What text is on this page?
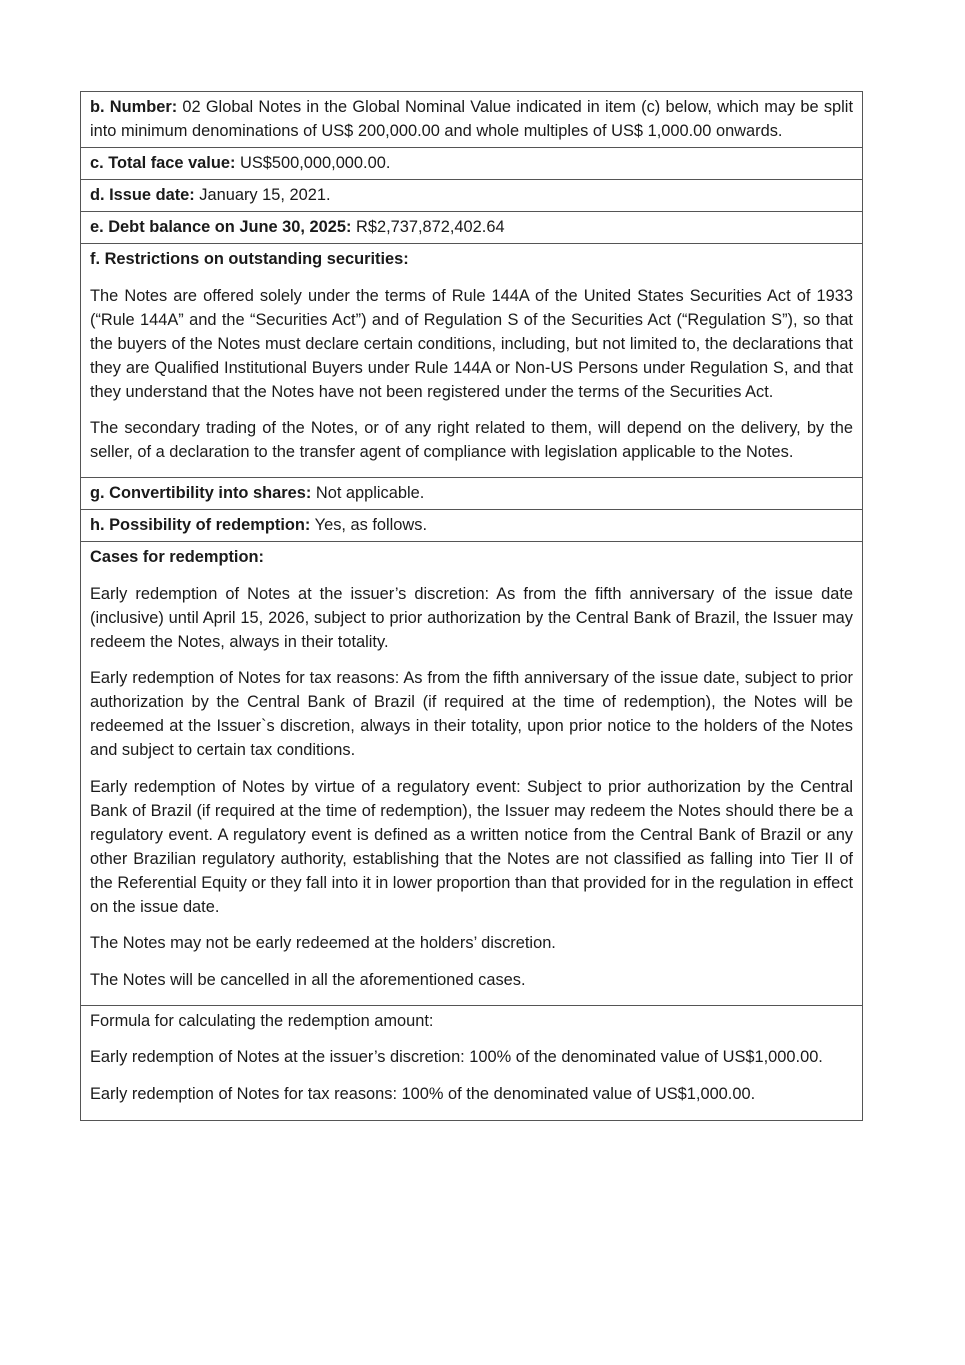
b. Number: 02 Global Notes in the Global Nominal Value indicated in item (c) below, which may be split into minimum denominations of US$ 200,000.00 and whole multiples of US$ 1,000.00 onwards.

c. Total face value: US$500,000,000.00.

d. Issue date: January 15, 2021.

e. Debt balance on June 30, 2025: R$2,737,872,402.64

f. Restrictions on outstanding securities:

The Notes are offered solely under the terms of Rule 144A of the United States Securities Act of 1933 (“Rule 144A” and the “Securities Act”) and of Regulation S of the Securities Act (“Regulation S”), so that the buyers of the Notes must declare certain conditions, including, but not limited to, the declarations that they are Qualified Institutional Buyers under Rule 144A or Non-US Persons under Regulation S, and that they understand that the Notes have not been registered under the terms of the Securities Act.

The secondary trading of the Notes, or of any right related to them, will depend on the delivery, by the seller, of a declaration to the transfer agent of compliance with legislation applicable to the Notes.

g. Convertibility into shares: Not applicable.

h. Possibility of redemption: Yes, as follows.

Cases for redemption:

Early redemption of Notes at the issuer’s discretion: As from the fifth anniversary of the issue date (inclusive) until April 15, 2026, subject to prior authorization by the Central Bank of Brazil, the Issuer may redeem the Notes, always in their totality.

Early redemption of Notes for tax reasons: As from the fifth anniversary of the issue date, subject to prior authorization by the Central Bank of Brazil (if required at the time of redemption), the Notes will be redeemed at the Issuer`s discretion, always in their totality, upon prior notice to the holders of the Notes and subject to certain tax conditions.

Early redemption of Notes by virtue of a regulatory event: Subject to prior authorization by the Central Bank of Brazil (if required at the time of redemption), the Issuer may redeem the Notes should there be a regulatory event. A regulatory event is defined as a written notice from the Central Bank of Brazil or any other Brazilian regulatory authority, establishing that the Notes are not classified as falling into Tier II of the Referential Equity or they fall into it in lower proportion than that provided for in the regulation in effect on the issue date.

The Notes may not be early redeemed at the holders’ discretion.

The Notes will be cancelled in all the aforementioned cases.

Formula for calculating the redemption amount:

Early redemption of Notes at the issuer’s discretion: 100% of the denominated value of US$1,000.00.

Early redemption of Notes for tax reasons: 100% of the denominated value of US$1,000.00.
